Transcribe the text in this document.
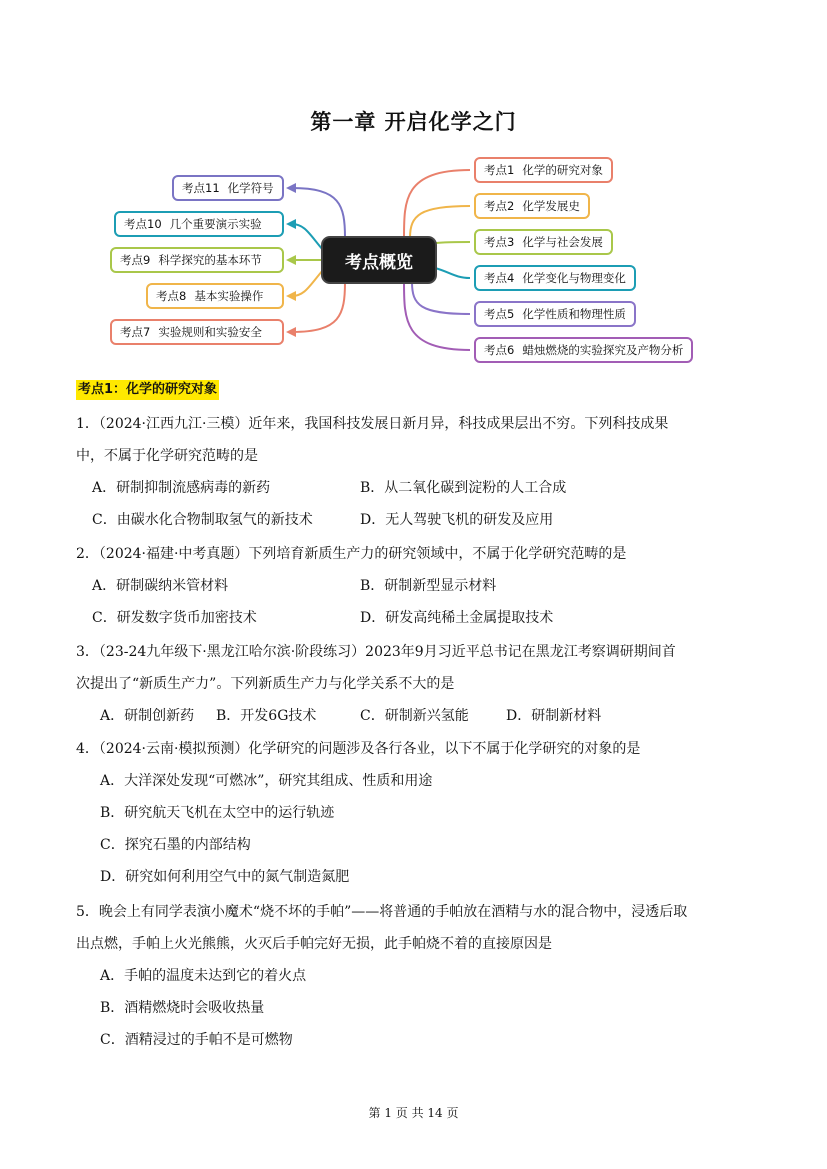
第一章 开启化学之门
考点概览
考点1 化学的研究对象
考点2 化学发展史
考点3 化学与社会发展
考点4 化学变化与物理变化
考点5 化学性质和物理性质
考点6 蜡烛燃烧的实验探究及产物分析
考点11 化学符号
考点10 几个重要演示实验
考点9 科学探究的基本环节
考点8 基本实验操作
考点7 实验规则和实验安全
考点1：化学的研究对象
1．（2024·江西九江·三模）近年来，我国科技发展日新月异，科技成果层出不穷。下列科技成果
中，不属于化学研究范畴的是
A．研制抑制流感病毒的新药	B．从二氧化碳到淀粉的人工合成
C．由碳水化合物制取氢气的新技术	D．无人驾驶飞机的研发及应用
2．（2024·福建·中考真题）下列培育新质生产力的研究领域中，不属于化学研究范畴的是
A．研制碳纳米管材料	B．研制新型显示材料
C．研发数字货币加密技术	D．研发高纯稀土金属提取技术
3．（23-24九年级下·黑龙江哈尔滨·阶段练习）2023年9月习近平总书记在黑龙江考察调研期间首
次提出了“新质生产力”。下列新质生产力与化学关系不大的是
A．研制创新药 B．开发6G技术	C．研制新兴氢能	D．研制新材料
4．（2024·云南·模拟预测）化学研究的问题涉及各行各业，以下不属于化学研究的对象的是
A．大洋深处发现“可燃冰”，研究其组成、性质和用途
B．研究航天飞机在太空中的运行轨迹
C．探究石墨的内部结构
D．研究如何利用空气中的氮气制造氮肥
5．晚会上有同学表演小魔术“烧不坏的手帕”——将普通的手帕放在酒精与水的混合物中，浸透后取
出点燃，手帕上火光熊熊，火灭后手帕完好无损，此手帕烧不着的直接原因是
A．手帕的温度未达到它的着火点
B．酒精燃烧时会吸收热量
C．酒精浸过的手帕不是可燃物
第 1 页 共 14 页
